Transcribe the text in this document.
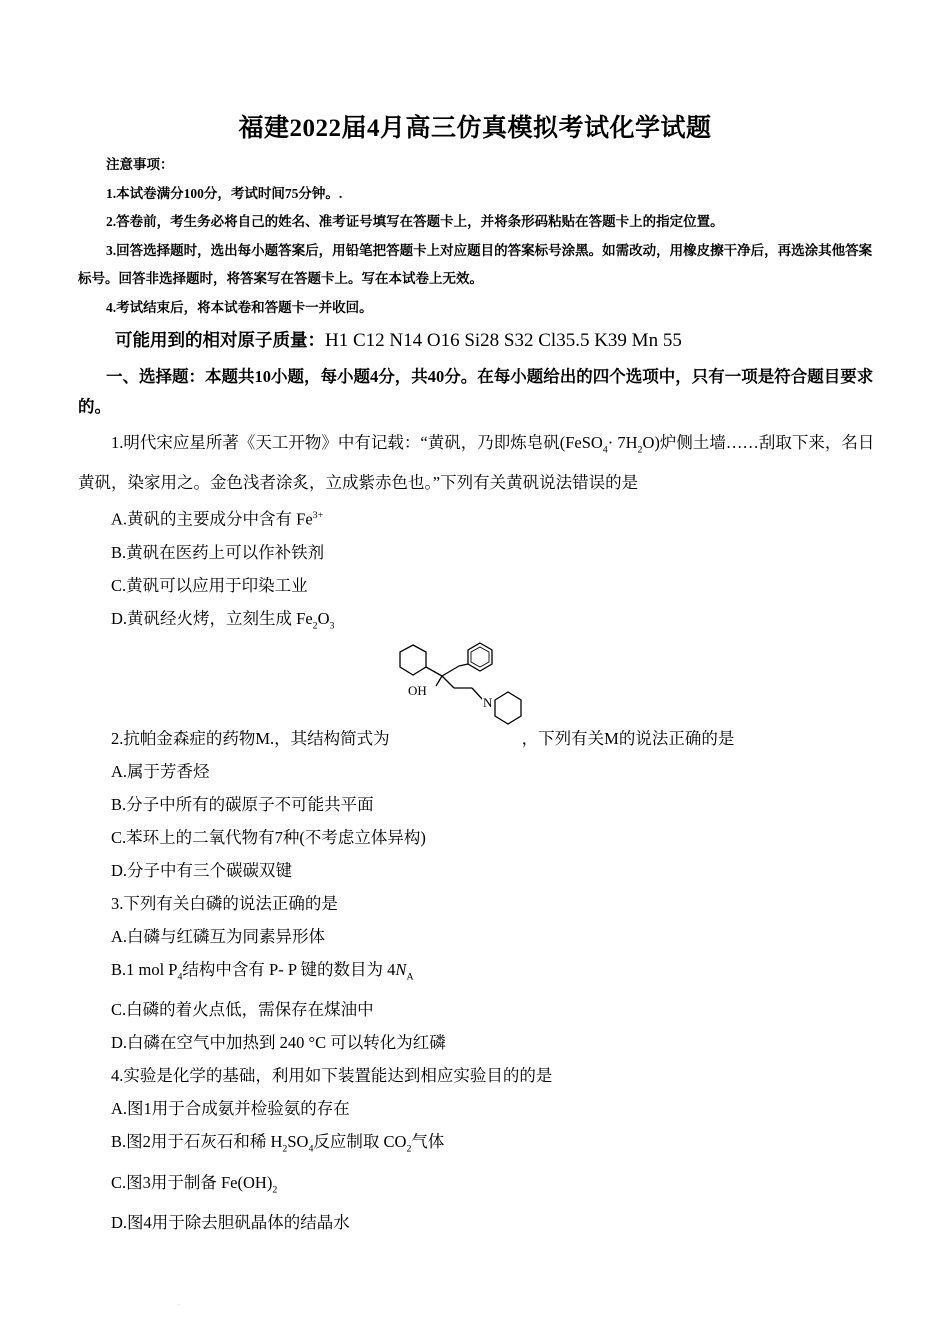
福建2022届4月高三仿真模拟考试化学试题

注意事项：

1.本试卷满分100分，考试时间75分钟。.

2.答卷前，考生务必将自己的姓名、准考证号填写在答题卡上，并将条形码粘贴在答题卡上的指定位置。

3.回答选择题时，选出每小题答案后，用铅笔把答题卡上对应题目的答案标号涂黑。如需改动，用橡皮擦干净后，再选涂其他答案标号。回答非选择题时，将答案写在答题卡上。写在本试卷上无效。

4.考试结束后，将本试卷和答题卡一并收回。

可能用到的相对原子质量：H1 C12 N14 O16 Si28 S32 Cl35.5 K39 Mn 55

一、选择题：本题共10小题，每小题4分，共40分。在每小题给出的四个选项中，只有一项是符合题目要求的。

1.明代宋应星所著《天工开物》中有记载：“黄矾，乃即炼皂矾(FeSO$_4$· $7H_2O$)炉侧土墙……刮取下来，名日黄矾，染家用之。金色浅者涂炙，立成紫赤色也。”下列有关黄矾说法错误的是

A.黄矾的主要成分中含有 $Fe^{3+}$

B.黄矾在医药上可以作补铁剂

C.黄矾可以应用于印染工业

D.黄矾经火烤，立刻生成 $Fe_2O_3$

OH
N

2.抗帕金森症的药物M.，其结构简式为	，下列有关M的说法正确的是

A.属于芳香烃

B.分子中所有的碳原子不可能共平面

C.苯环上的二氧代物有7种(不考虑立体异构)

D.分子中有三个碳碳双键

3.下列有关白磷的说法正确的是

A.白磷与红磷互为同素异形体

B.1 mol $P_4$结构中含有 P- P 键的数目为 $4N_A$

C.白磷的着火点低，需保存在煤油中

D.白磷在空气中加热到 240 °C 可以转化为红磷

4.实验是化学的基础，利用如下装置能达到相应实验目的的是

A.图1用于合成氨并检验氨的存在

B.图2用于石灰石和稀 $H_2SO_4$反应制取 $CO_2$气体

C.图3用于制备 $Fe(OH)_2$

D.图4用于除去胆矾晶体的结晶水

·
